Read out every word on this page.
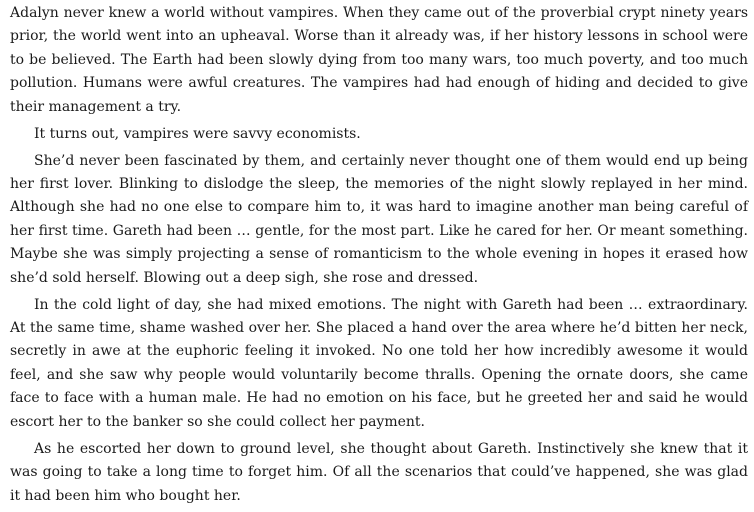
Adalyn never knew a world without vampires. When they came out of the proverbial crypt ninety years prior, the world went into an upheaval. Worse than it already was, if her history lessons in school were to be believed. The Earth had been slowly dying from too many wars, too much poverty, and too much pollution. Humans were awful creatures. The vampires had had enough of hiding and decided to give their management a try.

It turns out, vampires were savvy economists.

She’d never been fascinated by them, and certainly never thought one of them would end up being her first lover. Blinking to dislodge the sleep, the memories of the night slowly replayed in her mind. Although she had no one else to compare him to, it was hard to imagine another man being careful of her first time. Gareth had been … gentle, for the most part. Like he cared for her. Or meant something. Maybe she was simply projecting a sense of romanticism to the whole evening in hopes it erased how she’d sold herself. Blowing out a deep sigh, she rose and dressed.

In the cold light of day, she had mixed emotions. The night with Gareth had been … extraordinary. At the same time, shame washed over her. She placed a hand over the area where he’d bitten her neck, secretly in awe at the euphoric feeling it invoked. No one told her how incredibly awesome it would feel, and she saw why people would voluntarily become thralls. Opening the ornate doors, she came face to face with a human male. He had no emotion on his face, but he greeted her and said he would escort her to the banker so she could collect her payment.

As he escorted her down to ground level, she thought about Gareth. Instinctively she knew that it was going to take a long time to forget him. Of all the scenarios that could’ve happened, she was glad it had been him who bought her.
